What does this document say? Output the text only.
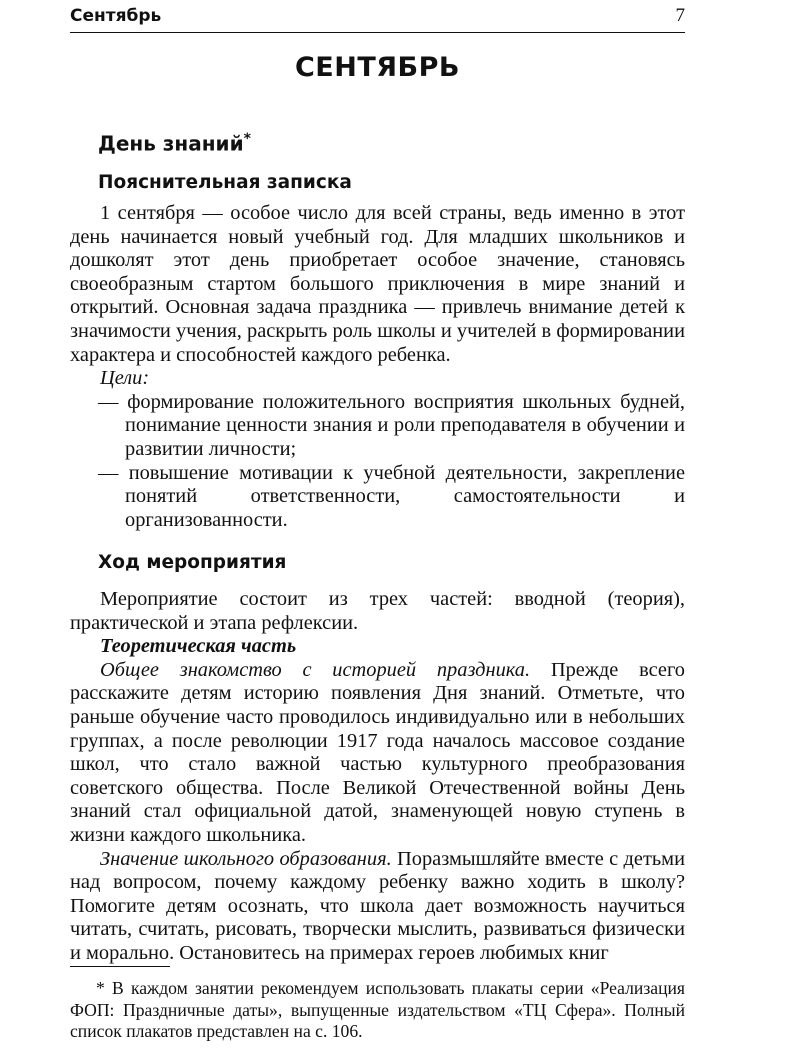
Сентябрь	7
СЕНТЯБРЬ
День знаний*
Пояснительная записка

1 сентября — особое число для всей страны, ведь именно в этот день начинается новый учебный год. Для младших школьников и дошколят этот день приобретает особое значение, становясь своеобразным стартом большого приключения в мире знаний и открытий. Основная задача праздника — привлечь внимание детей к значимости учения, раскрыть роль школы и учителей в формировании характера и способностей каждого ребенка.

Цели:

— формирование положительного восприятия школьных будней, понимание ценности знания и роли преподавателя в обучении и развитии личности;

— повышение мотивации к учебной деятельности, закрепление понятий ответственности, самостоятельности и организованности.

Ход мероприятия

Мероприятие состоит из трех частей: вводной (теория), практической и этапа рефлексии.

Теоретическая часть

Общее знакомство с историей праздника. Прежде всего расскажите детям историю появления Дня знаний. Отметьте, что раньше обучение часто проводилось индивидуально или в небольших группах, а после революции 1917 года началось массовое создание школ, что стало важной частью культурного преобразования советского общества. После Великой Отечественной войны День знаний стал официальной датой, знаменующей новую ступень в жизни каждого школьника.

Значение школьного образования. Поразмышляйте вместе с детьми над вопросом, почему каждому ребенку важно ходить в школу? Помогите детям осознать, что школа дает возможность научиться читать, считать, рисовать, творчески мыслить, развиваться физически и морально. Остановитесь на примерах героев любимых книг

* В каждом занятии рекомендуем использовать плакаты серии «Реализация ФОП: Праздничные даты», выпущенные издательством «ТЦ Сфера». Полный список плакатов представлен на с. 106.
